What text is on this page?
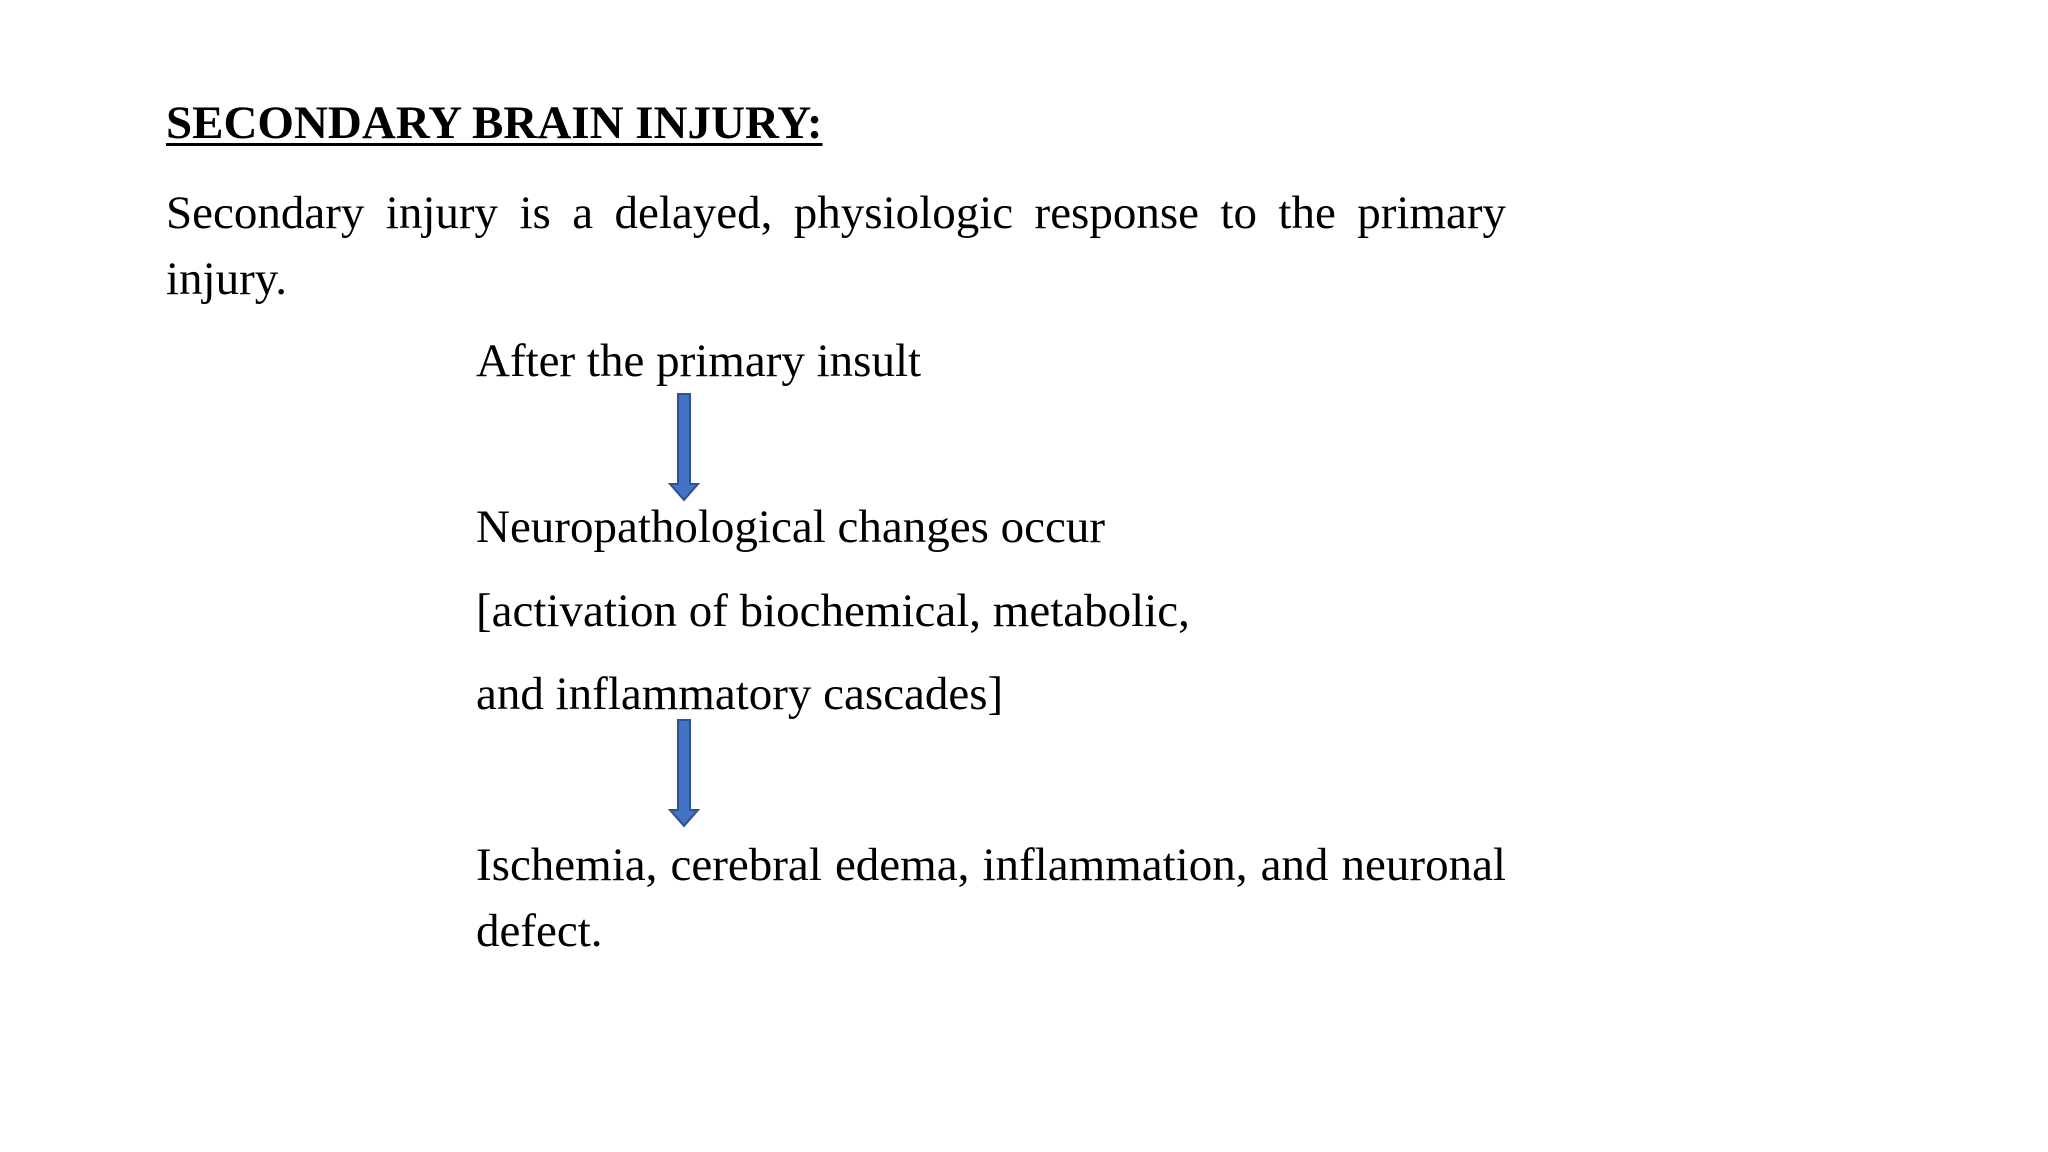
SECONDARY BRAIN INJURY:
Secondary injury is a delayed, physiologic response to the primary injury.
After the primary insult
Neuropathological changes occur
[activation of biochemical, metabolic,
and inflammatory cascades]
Ischemia, cerebral edema, inflammation, and neuronal defect.
